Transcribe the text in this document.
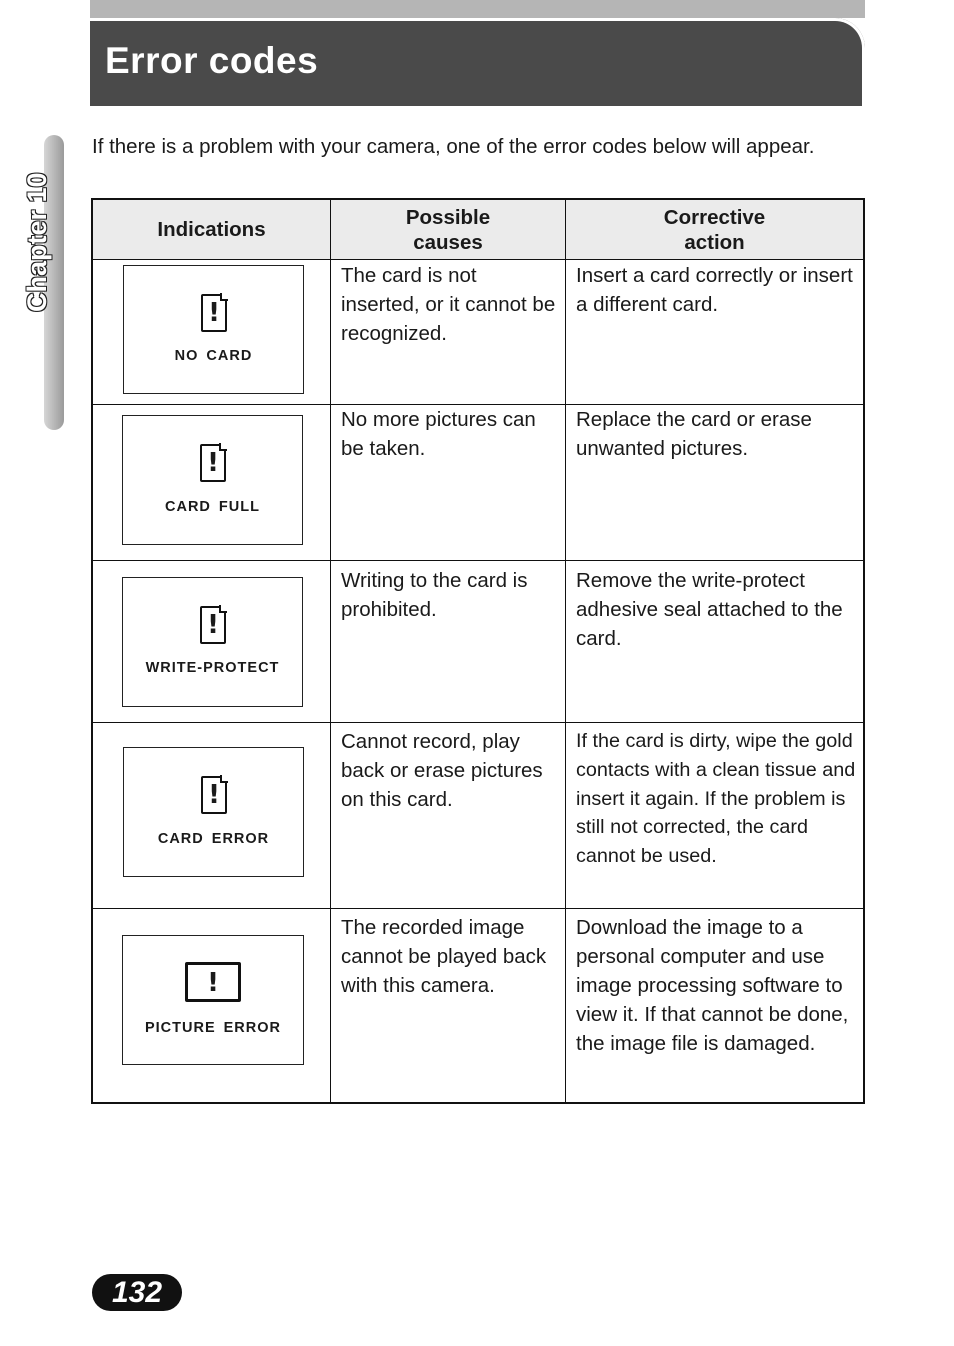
Error codes
Chapter 10

If there is a problem with your camera, one of the error codes below will appear.

Indications
Possible causes
Corrective action
!
NO CARD
The card is not inserted, or it cannot be recognized.
Insert a card correctly or insert a different card.
!
CARD FULL
No more pictures can be taken.
Replace the card or erase unwanted pictures.
!
WRITE-PROTECT
Writing to the card is prohibited.
Remove the write-protect adhesive seal attached to the card.
!
CARD ERROR
Cannot record, play back or erase pictures on this card.
If the card is dirty, wipe the gold contacts with a clean tissue and insert it again. If the problem is still not corrected, the card cannot be used.
!
PICTURE ERROR
The recorded image cannot be played back with this camera.
Download the image to a personal computer and use image processing software to view it. If that cannot be done, the image file is damaged.
132
